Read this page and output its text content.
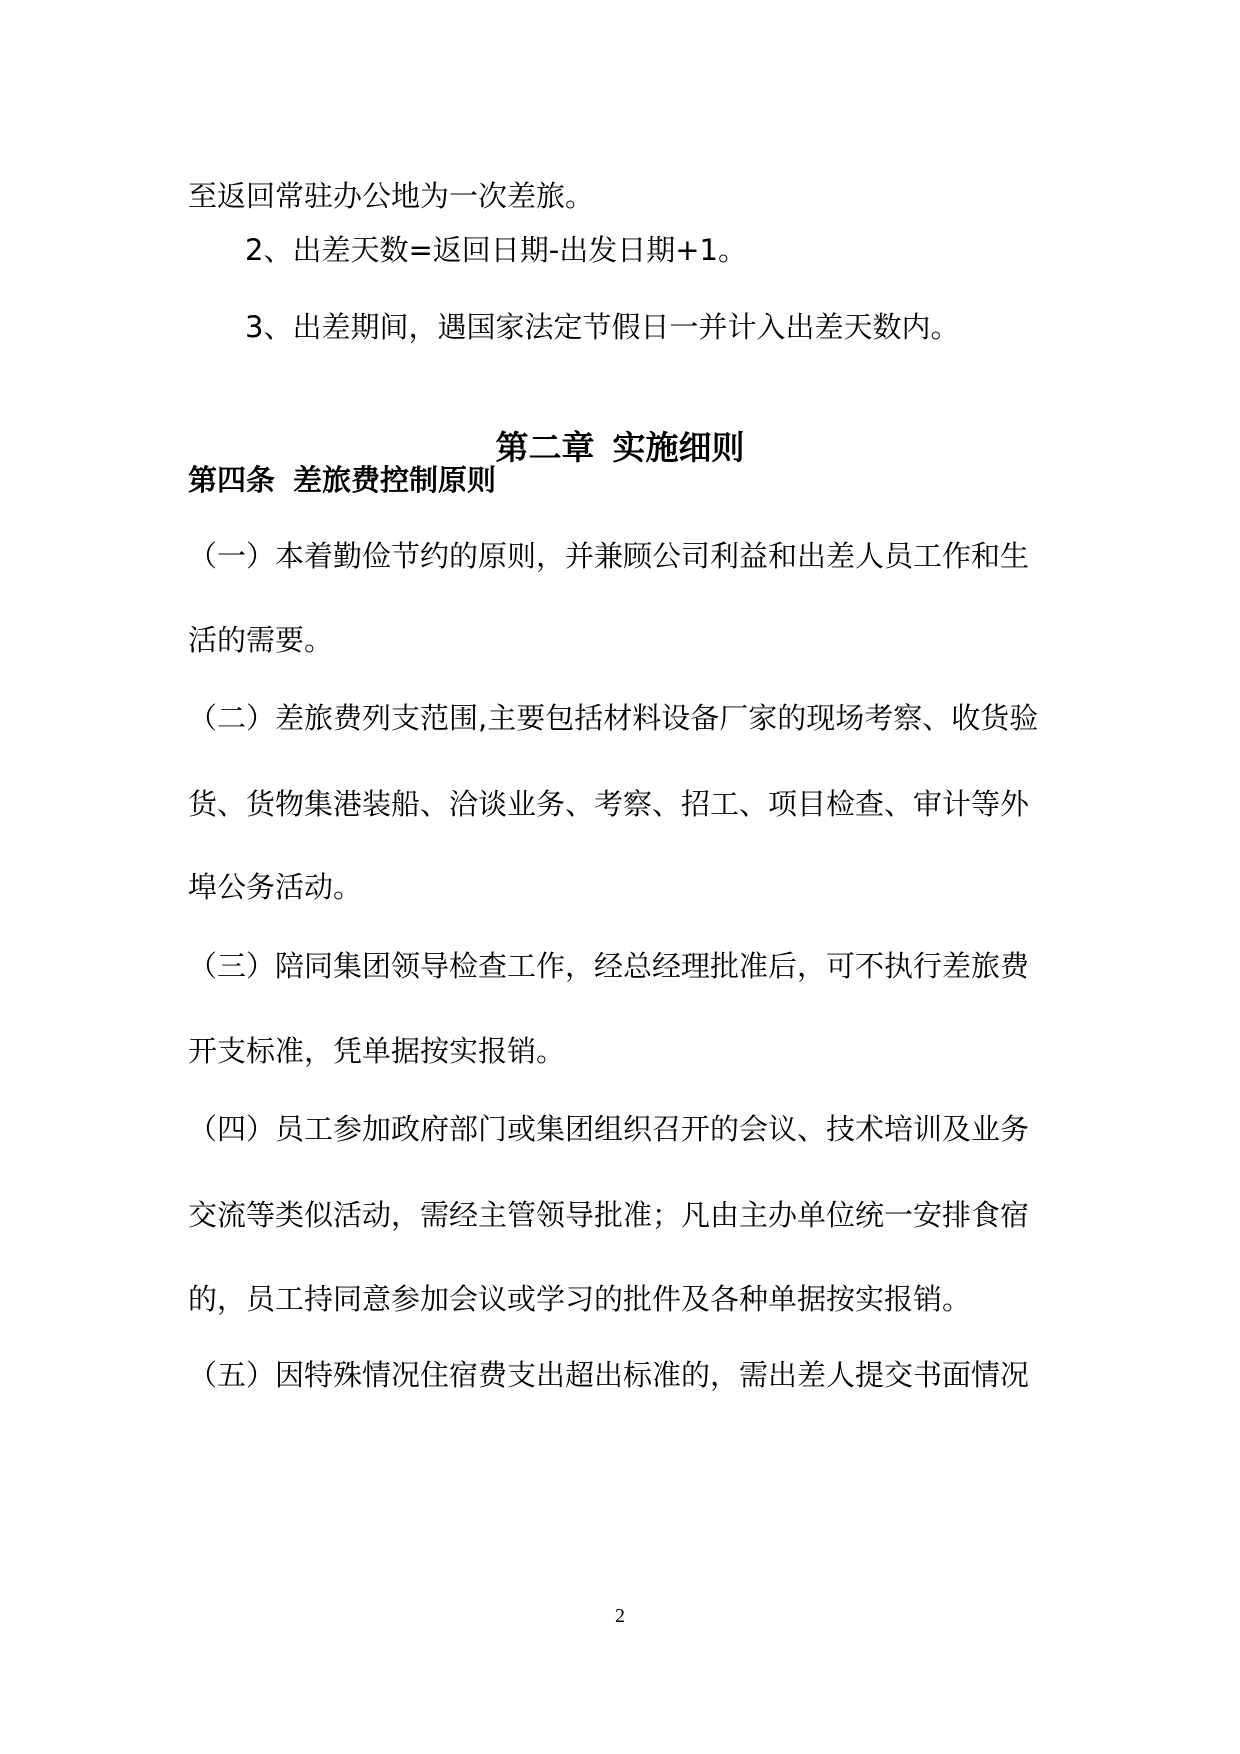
至返回常驻办公地为一次差旅。
2、出差天数=返回日期-出发日期+1。
3、出差期间，遇国家法定节假日一并计入出差天数内。
第二章 实施细则
第四条 差旅费控制原则
（一）本着勤俭节约的原则，并兼顾公司利益和出差人员工作和生
活的需要。
（二）差旅费列支范围,主要包括材料设备厂家的现场考察、收货验
货、货物集港装船、洽谈业务、考察、招工、项目检查、审计等外
埠公务活动。
（三）陪同集团领导检查工作，经总经理批准后，可不执行差旅费
开支标准，凭单据按实报销。
（四）员工参加政府部门或集团组织召开的会议、技术培训及业务
交流等类似活动，需经主管领导批准；凡由主办单位统一安排食宿
的，员工持同意参加会议或学习的批件及各种单据按实报销。
（五）因特殊情况住宿费支出超出标准的，需出差人提交书面情况
2
